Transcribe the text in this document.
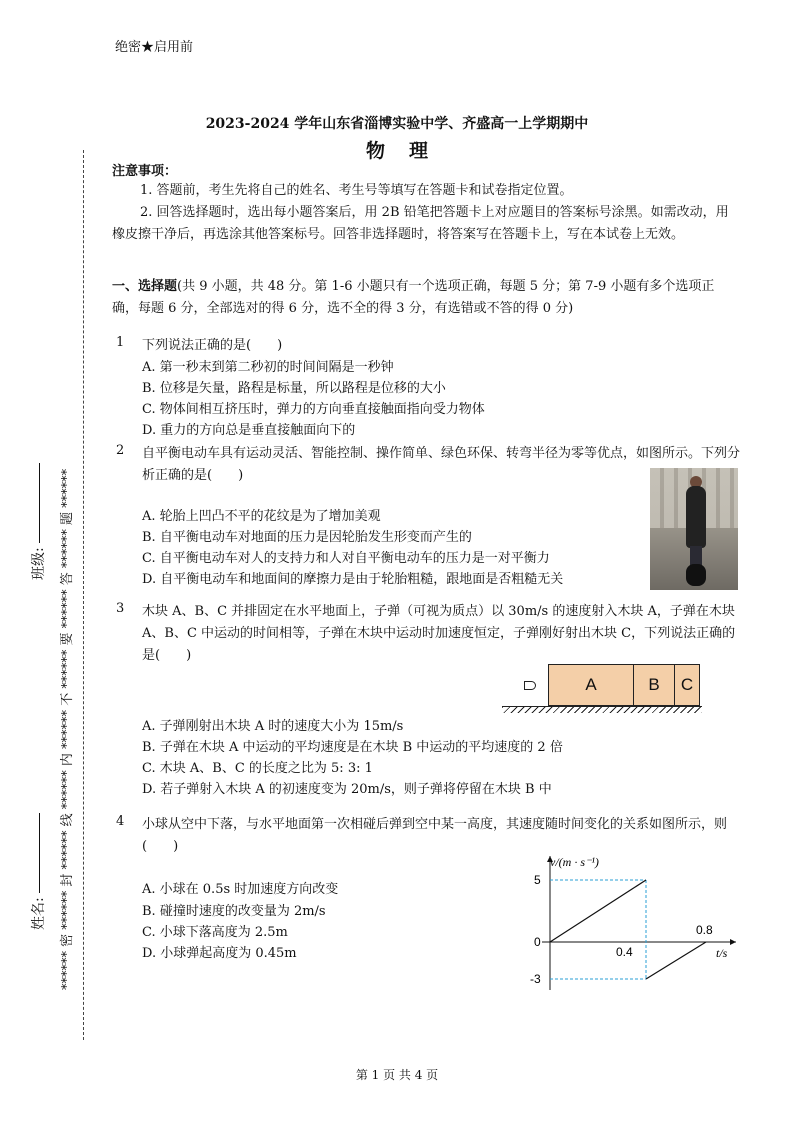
****** 密 ****** 封 ****** 线 ****** 内 ****** 不 ****** 要 ****** 答 ****** 题 ******
姓名:
班级:
绝密★启用前
2023-2024 学年山东省淄博实验中学、齐盛高一上学期期中
物理
注意事项：
1. 答题前，考生先将自己的姓名、考生号等填写在答题卡和试卷指定位置。
2. 回答选择题时，选出每小题答案后，用 2B 铅笔把答题卡上对应题目的答案标号涂黑。如需改动，用橡皮擦干净后，再选涂其他答案标号。回答非选择题时，将答案写在答题卡上，写在本试卷上无效。
一、选择题(共 9 小题，共 48 分。第 1-6 小题只有一个选项正确，每题 5 分；第 7-9 小题有多个选项正确，每题 6 分，全部选对的得 6 分，选不全的得 3 分，有选错或不答的得 0 分)
1 下列说法正确的是(　　)
A. 第一秒末到第二秒初的时间间隔是一秒钟
B. 位移是矢量，路程是标量，所以路程是位移的大小
C. 物体间相互挤压时，弹力的方向垂直接触面指向受力物体
D. 重力的方向总是垂直接触面向下的
2 自平衡电动车具有运动灵活、智能控制、操作简单、绿色环保、转弯半径为零等优点，如图所示。下列分析正确的是(　　)
A. 轮胎上凹凸不平的花纹是为了增加美观
B. 自平衡电动车对地面的压力是因轮胎发生形变而产生的
C. 自平衡电动车对人的支持力和人对自平衡电动车的压力是一对平衡力
D. 自平衡电动车和地面间的摩擦力是由于轮胎粗糙，跟地面是否粗糙无关
3 木块 A、B、C 并排固定在水平地面上，子弹（可视为质点）以 30m/s 的速度射入木块 A，子弹在木块 A、B、C 中运动的时间相等，子弹在木块中运动时加速度恒定，子弹刚好射出木块 C，下列说法正确的是(　　)
A	B	C
A. 子弹刚射出木块 A 时的速度大小为 15m/s
B. 子弹在木块 A 中运动的平均速度是在木块 B 中运动的平均速度的 2 倍
C. 木块 A、B、C 的长度之比为 5: 3: 1
D. 若子弹射入木块 A 的初速度变为 20m/s，则子弹将停留在木块 B 中
4 小球从空中下落，与水平地面第一次相碰后弹到空中某一高度，其速度随时间变化的关系如图所示，则(　　)
A. 小球在 0.5s 时加速度方向改变
B. 碰撞时速度的改变量为 2m/s
C. 小球下落高度为 2.5m
D. 小球弹起高度为 0.45m
v/(m · s⁻¹)
t/s
0
5
-3
0.4
0.8
第 1 页 共 4 页
